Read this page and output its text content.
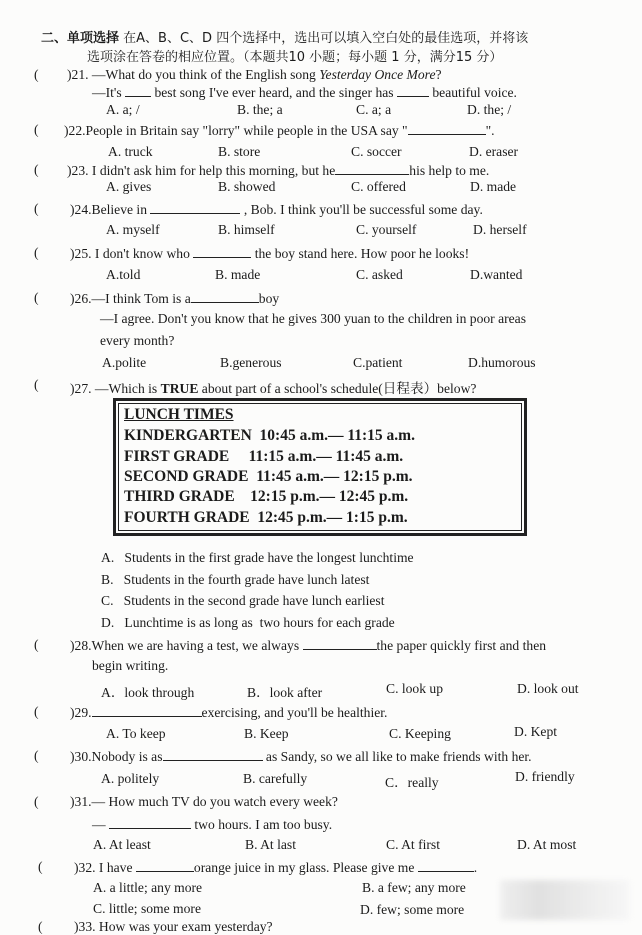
二、单项选择 在A、B、C、D 四个选择中，选出可以填入空白处的最佳选项，并将该
选项涂在答卷的相应位置。（本题共10 小题；每小题 1 分，满分15 分）
( )21. —What do you think of the English song Yesterday Once More?
—It's  best song I've ever heard, and the singer has  beautiful voice.
A. a; /	B. the; a	C. a; a	D. the; /
( )22.People in Britain say "lorry" while people in the USA say "	".
A. truck	B. store	C. soccer	D. eraser
( )23. I didn't ask him for help this morning, but he	his help to me.
A. gives	B. showed	C. offered	D. made
( )24.Believe in	, Bob. I think you'll be successful some day.
A. myself	B. himself	C. yourself	D. herself
( )25. I don't know who	the boy stand here. How poor he looks!
A.told	B. made	C. asked	D.wanted
( )26.—I think Tom is a	boy
—I agree. Don't you know that he gives 300 yuan to the children in poor areas
every month?
A.polite	B.generous	C.patient	D.humorous
( )27. —Which is TRUE about part of a school's schedule(日程表）below?
LUNCH TIMES
KINDERGARTEN  10:45 a.m.— 11:15 a.m.
FIRST GRADE     11:15 a.m.— 11:45 a.m.
SECOND GRADE  11:45 a.m.— 12:15 p.m.
THIRD GRADE    12:15 p.m.— 12:45 p.m.
FOURTH GRADE  12:45 p.m.— 1:15 p.m.
A.   Students in the first grade have the longest lunchtime
B.   Students in the fourth grade have lunch latest
C.   Students in the second grade have lunch earliest
D.   Lunchtime is as long as  two hours for each grade
( )28.When we are having a test, we always	the paper quickly first and then
begin writing.
A．look through	B．look after	C. look up	D. look out
( )29.	exercising, and you'll be healthier.
A. To keep	B. Keep	C. Keeping	D. Kept
( )30.Nobody is as	as Sandy, so we all like to make friends with her.
A. politely	B. carefully	C．really	D. friendly
( )31.— How much TV do you watch every week?
—	two hours. I am too busy.
A. At least	B. At last	C. At first	D. At most
( )32. I have	orange juice in my glass. Please give me	.
A. a little; any more	B. a few; any more
C. little; some more	D. few; some more
( )33. How was your exam yesterday?
